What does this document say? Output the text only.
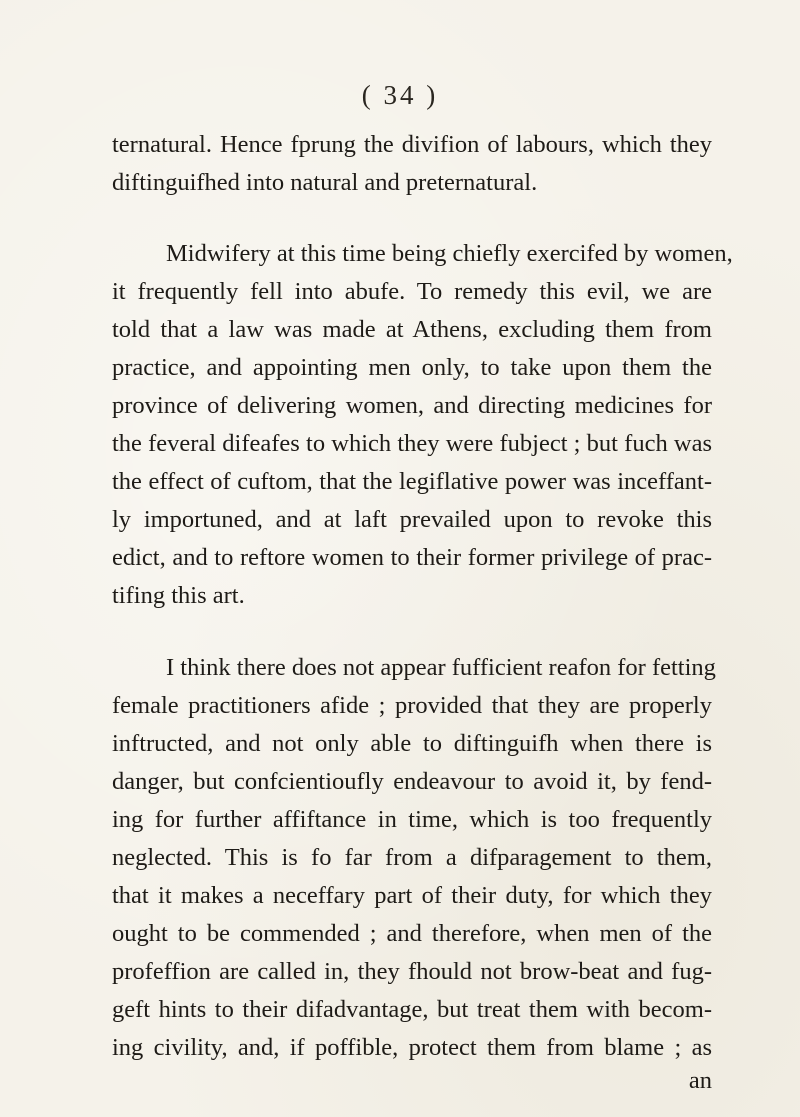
( 34 )
ternatural. Hence fprung the divifion of labours, which they
diftinguifhed into natural and preternatural.
Midwifery at this time being chiefly exercifed by women,
it frequently fell into abufe. To remedy this evil, we are
told that a law was made at Athens, excluding them from
practice, and appointing men only, to take upon them the
province of delivering women, and directing medicines for
the feveral difeafes to which they were fubject ; but fuch was
the effect of cuftom, that the legiflative power was inceffant-
ly importuned, and at laft prevailed upon to revoke this
edict, and to reftore women to their former privilege of prac-
tifing this art.
I think there does not appear fufficient reafon for fetting
female practitioners afide ; provided that they are properly
inftructed, and not only able to diftinguifh when there is
danger, but confcientioufly endeavour to avoid it, by fend-
ing for further affiftance in time, which is too frequently
neglected. This is fo far from a difparagement to them,
that it makes a neceffary part of their duty, for which they
ought to be commended ; and therefore, when men of the
profeffion are called in, they fhould not brow-beat and fug-
geft hints to their difadvantage, but treat them with becom-
ing civility, and, if poffible, protect them from blame ; as
an
